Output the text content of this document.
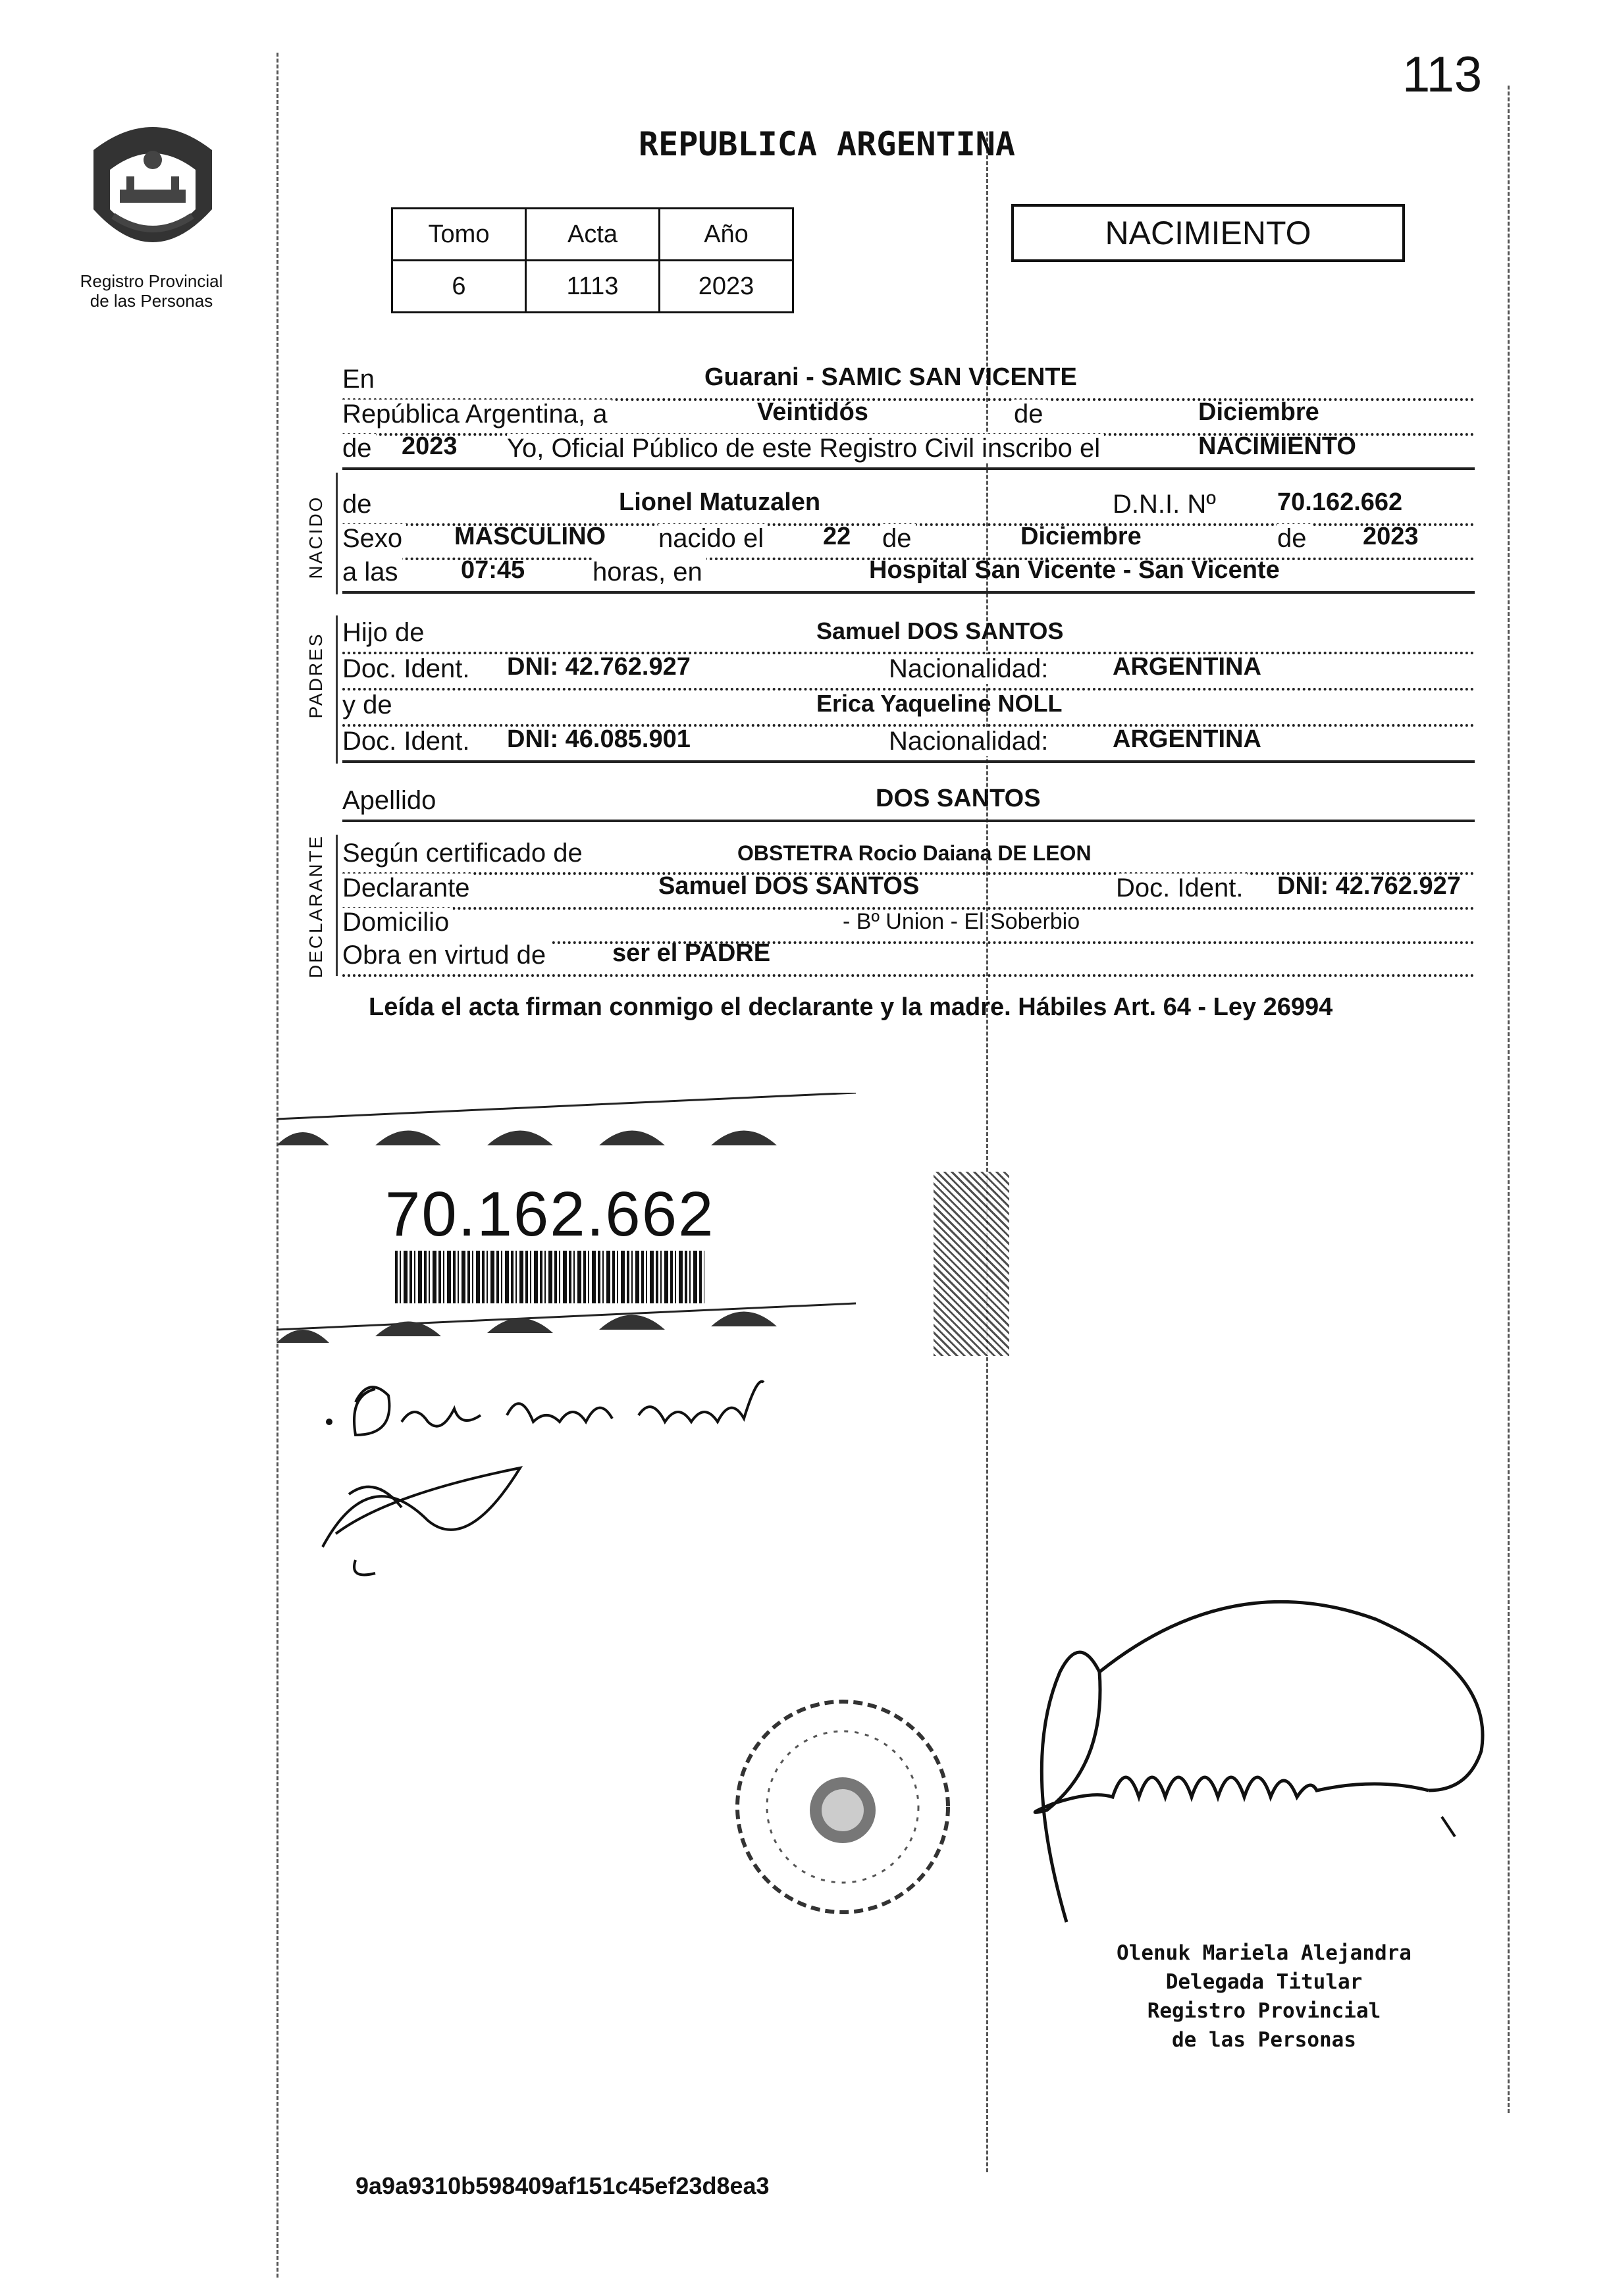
113
Registro Provincial
de las Personas
REPUBLICA ARGENTINA
Tomo	Acta	Año
6	1113	2023
NACIMIENTO
NACIDO
PADRES
DECLARANTE
En	Guarani - SAMIC SAN VICENTE
República Argentina, a	Veintidós	de	Diciembre
de 2023 Yo, Oficial Público de este Registro Civil inscribo el	NACIMIENTO
de	Lionel Matuzalen	D.N.I. Nº 70.162.662
Sexo MASCULINO nacido el 22 de	Diciembre	de 2023
a las	07:45	horas, en	Hospital San Vicente - San Vicente
Hijo de	Samuel DOS SANTOS
Doc. Ident. DNI: 42.762.927	Nacionalidad:	ARGENTINA
y de	Erica Yaqueline NOLL
Doc. Ident. DNI: 46.085.901	Nacionalidad:	ARGENTINA
Apellido	DOS SANTOS
Según certificado de	OBSTETRA Rocio Daiana DE LEON
Declarante	Samuel DOS SANTOS	Doc. Ident. DNI: 42.762.927
Domicilio	- Bº Union - El Soberbio
Obra en virtud de	ser el PADRE
Leída el acta firman conmigo el declarante y la madre. Hábiles Art. 64 - Ley 26994
70.162.662
Olenuk Mariela Alejandra
Delegada Titular
Registro Provincial
de las Personas
9a9a9310b598409af151c45ef23d8ea3
